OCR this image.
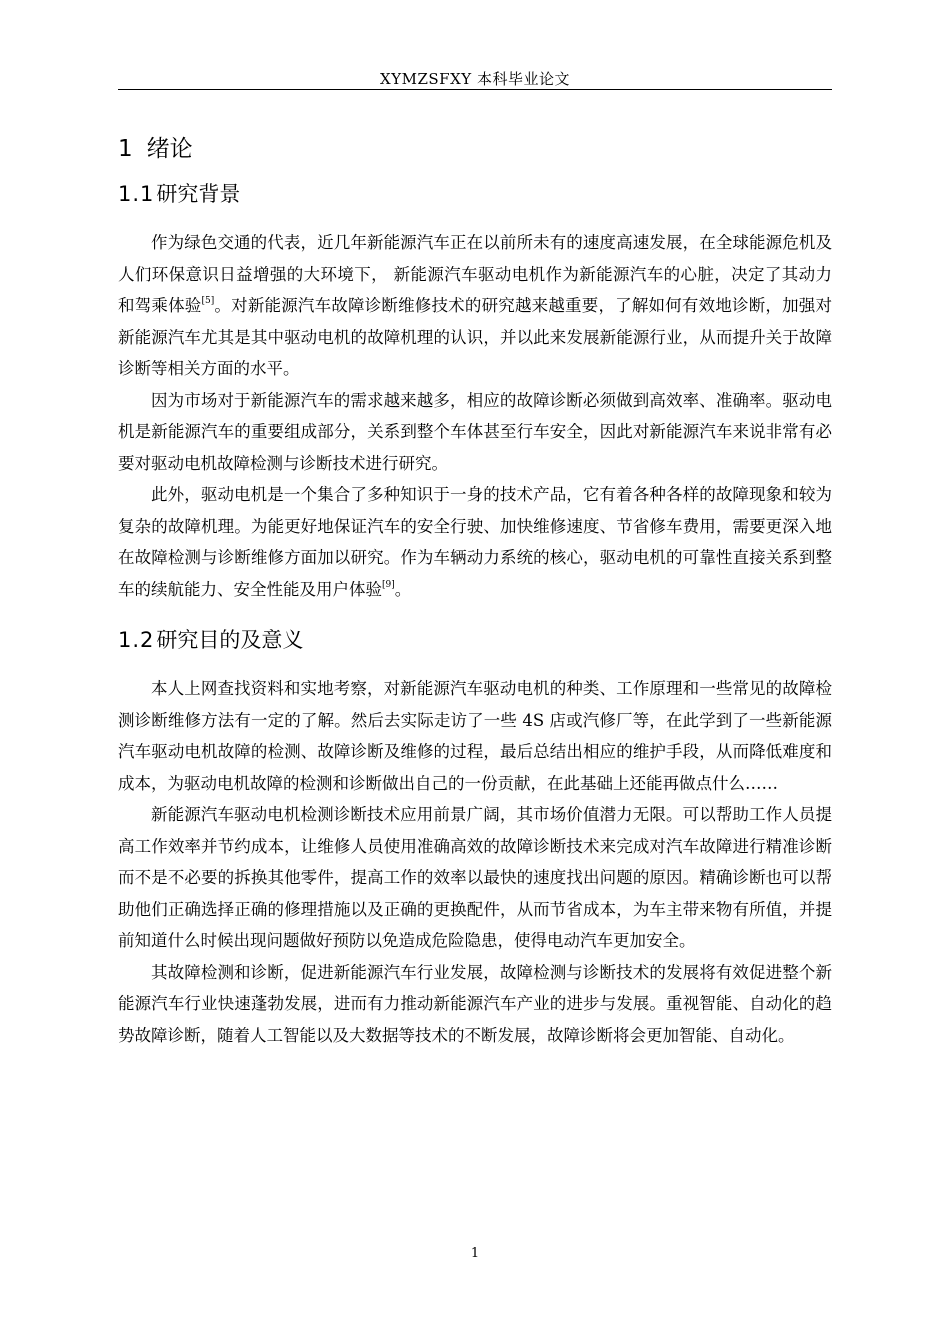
XYMZSFXY 本科毕业论文
1 绪论
1.1研究背景

作为绿色交通的代表，近几年新能源汽车正在以前所未有的速度高速发展，在全球能源危机及人们环保意识日益增强的大环境下， 新能源汽车驱动电机作为新能源汽车的心脏，决定了其动力和驾乘体验[5]。对新能源汽车故障诊断维修技术的研究越来越重要，了解如何有效地诊断，加强对新能源汽车尤其是其中驱动电机的故障机理的认识，并以此来发展新能源行业，从而提升关于故障诊断等相关方面的水平。

因为市场对于新能源汽车的需求越来越多，相应的故障诊断必须做到高效率、准确率。驱动电机是新能源汽车的重要组成部分，关系到整个车体甚至行车安全，因此对新能源汽车来说非常有必要对驱动电机故障检测与诊断技术进行研究。

此外，驱动电机是一个集合了多种知识于一身的技术产品，它有着各种各样的故障现象和较为复杂的故障机理。为能更好地保证汽车的安全行驶、加快维修速度、节省修车费用，需要更深入地在故障检测与诊断维修方面加以研究。作为车辆动力系统的核心，驱动电机的可靠性直接关系到整车的续航能力、安全性能及用户体验[9]。

1.2研究目的及意义

本人上网查找资料和实地考察，对新能源汽车驱动电机的种类、工作原理和一些常见的故障检测诊断维修方法有一定的了解。然后去实际走访了一些 4S 店或汽修厂等，在此学到了一些新能源汽车驱动电机故障的检测、故障诊断及维修的过程，最后总结出相应的维护手段，从而降低难度和成本，为驱动电机故障的检测和诊断做出自己的一份贡献，在此基础上还能再做点什么……

新能源汽车驱动电机检测诊断技术应用前景广阔，其市场价值潜力无限。可以帮助工作人员提高工作效率并节约成本，让维修人员使用准确高效的故障诊断技术来完成对汽车故障进行精准诊断而不是不必要的拆换其他零件，提高工作的效率以最快的速度找出问题的原因。精确诊断也可以帮助他们正确选择正确的修理措施以及正确的更换配件，从而节省成本，为车主带来物有所值，并提前知道什么时候出现问题做好预防以免造成危险隐患，使得电动汽车更加安全。

其故障检测和诊断，促进新能源汽车行业发展，故障检测与诊断技术的发展将有效促进整个新能源汽车行业快速蓬勃发展，进而有力推动新能源汽车产业的进步与发展。重视智能、自动化的趋势故障诊断，随着人工智能以及大数据等技术的不断发展，故障诊断将会更加智能、自动化。

1
